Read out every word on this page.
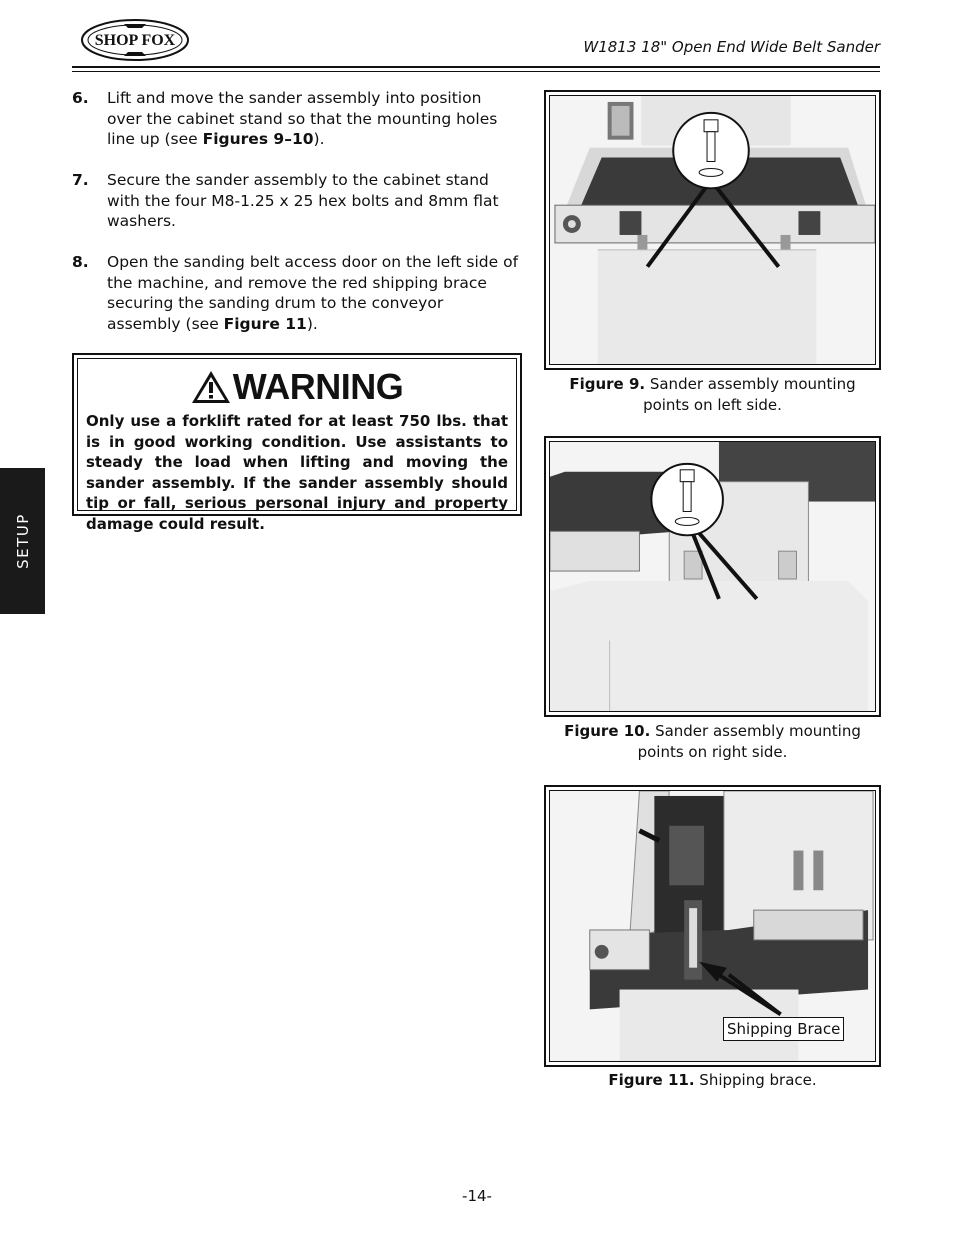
SHOP FOX	W1813 18" Open End Wide Belt Sander
SETUP
6. Lift and move the sander assembly into position over the cabinet stand so that the mounting holes line up (see Figures 9–10).
7. Secure the sander assembly to the cabinet stand with the four M8-1.25 x 25 hex bolts and 8mm flat washers.
8. Open the sanding belt access door on the left side of the machine, and remove the red shipping brace securing the sanding drum to the conveyor assembly (see Figure 11).
WARNING
Only use a forklift rated for at least 750 lbs. that is in good working condition. Use assistants to steady the load when lifting and moving the sander assembly. If the sander assembly should tip or fall, serious personal injury and property damage could result.
Figure 9. Sander assembly mounting points on left side.
Figure 10. Sander assembly mounting points on right side.
Shipping Brace
Figure 11. Shipping brace.
-14-
